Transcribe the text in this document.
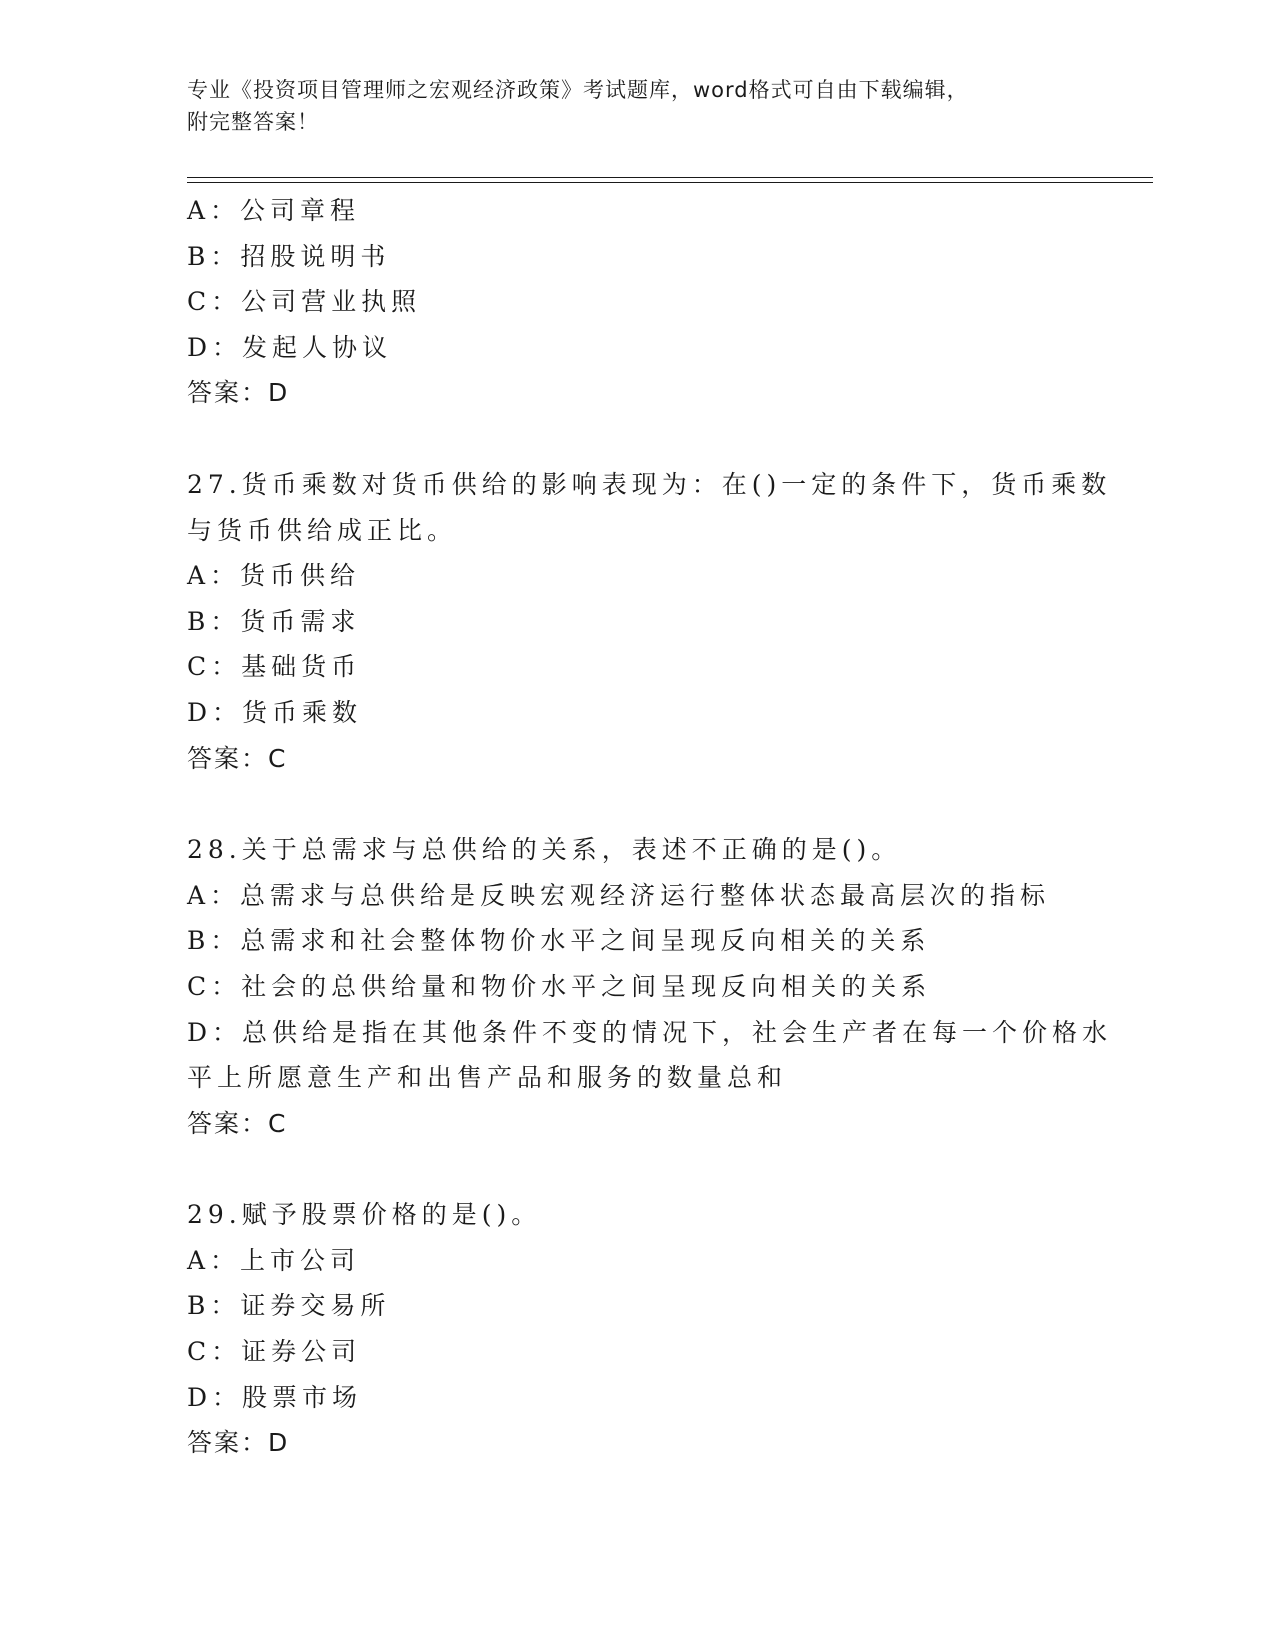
专业《投资项目管理师之宏观经济政策》考试题库，word格式可自由下载编辑，
附完整答案！
A：公司章程
B：招股说明书
C：公司营业执照
D：发起人协议
答案：D
27.货币乘数对货币供给的影响表现为：在()一定的条件下，货币乘数
与货币供给成正比。
A：货币供给
B：货币需求
C：基础货币
D：货币乘数
答案：C
28.关于总需求与总供给的关系，表述不正确的是()。
A：总需求与总供给是反映宏观经济运行整体状态最高层次的指标
B：总需求和社会整体物价水平之间呈现反向相关的关系
C：社会的总供给量和物价水平之间呈现反向相关的关系
D：总供给是指在其他条件不变的情况下，社会生产者在每一个价格水
平上所愿意生产和出售产品和服务的数量总和
答案：C
29.赋予股票价格的是()。
A：上市公司
B：证券交易所
C：证券公司
D：股票市场
答案：D
